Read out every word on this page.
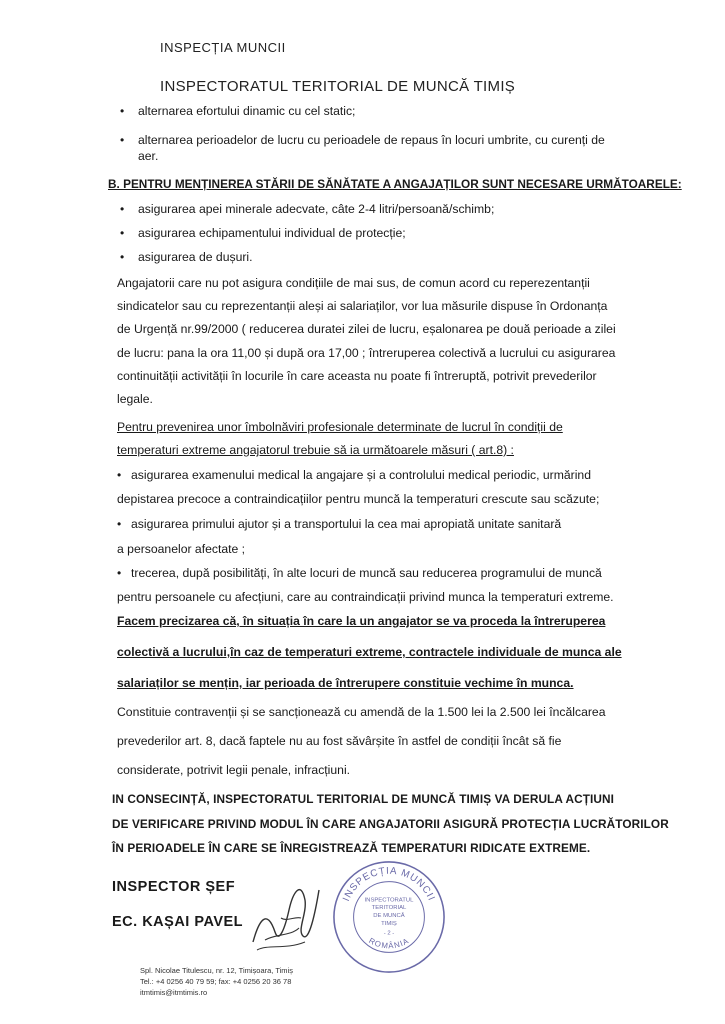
INSPECȚIA MUNCII
INSPECTORATUL TERITORIAL DE MUNCĂ TIMIȘ
• alternarea efortului dinamic cu cel static;
• alternarea perioadelor de lucru cu perioadele de repaus în locuri umbrite, cu curenți de
aer.
B. PENTRU MENȚINEREA STĂRII DE SĂNĂTATE A ANGAJAȚILOR SUNT NECESARE URMĂTOARELE:
• asigurarea apei minerale adecvate, câte 2-4 litri/persoană/schimb;
• asigurarea echipamentului individual de protecție;
• asigurarea de dușuri.
Angajatorii care nu pot asigura condițiile de mai sus, de comun acord cu reperezentanții
sindicatelor sau cu reprezentanții aleși ai salariaților, vor lua măsurile dispuse în Ordonanța
de Urgență nr.99/2000 ( reducerea duratei zilei de lucru, eșalonarea pe două perioade a zilei
de lucru: pana la ora 11,00 și după ora 17,00 ; întreruperea colectivă a lucrului cu asigurarea
continuității activității în locurile în care aceasta nu poate fi întreruptă, potrivit prevederilor
legale.
Pentru prevenirea unor îmbolnăviri profesionale determinate de lucrul în condiții de
temperaturi extreme angajatorul trebuie să ia următoarele măsuri ( art.8) :
• asigurarea examenului medical la angajare și a controlului medical periodic, urmărind
depistarea precoce a contraindicațiilor pentru muncă la temperaturi crescute sau scăzute;
• asigurarea primului ajutor și a transportului la cea mai apropiată unitate sanitară
a persoanelor afectate ;
• trecerea, după posibilități, în alte locuri de muncă sau reducerea programului de muncă
pentru persoanele cu afecțiuni, care au contraindicații privind munca la temperaturi extreme.
Facem precizarea că, în situația în care la un angajator se va proceda la întreruperea
colectivă a lucrului,în caz de temperaturi extreme, contractele individuale de munca ale
salariaților se mențin, iar perioada de întrerupere constituie vechime în munca.
Constituie contravenții și se sancționează cu amendă de la 1.500 lei la 2.500 lei încălcarea
prevederilor art. 8, dacă faptele nu au fost săvârșite în astfel de condiții încât să fie
considerate, potrivit legii penale, infracțiuni.
IN CONSECINȚĂ, INSPECTORATUL TERITORIAL DE MUNCĂ TIMIȘ VA DERULA ACȚIUNI
DE VERIFICARE PRIVIND MODUL ÎN CARE ANGAJATORII ASIGURĂ PROTECȚIA LUCRĂTORILOR
ÎN PERIOADELE ÎN CARE SE ÎNREGISTREAZĂ TEMPERATURI RIDICATE EXTREME.
INSPECTOR ȘEF
EC. KAȘAI PAVEL
INSPECȚIA MUNCII
ROMÂNIA
INSPECTORATUL
TERITORIAL
DE MUNCĂ
TIMIȘ
- 2 -
Spl. Nicolae Titulescu, nr. 12, Timișoara, Timiș
Tel.: +4 0256 40 79 59; fax: +4 0256 20 36 78
itmtimis@itmtimis.ro
